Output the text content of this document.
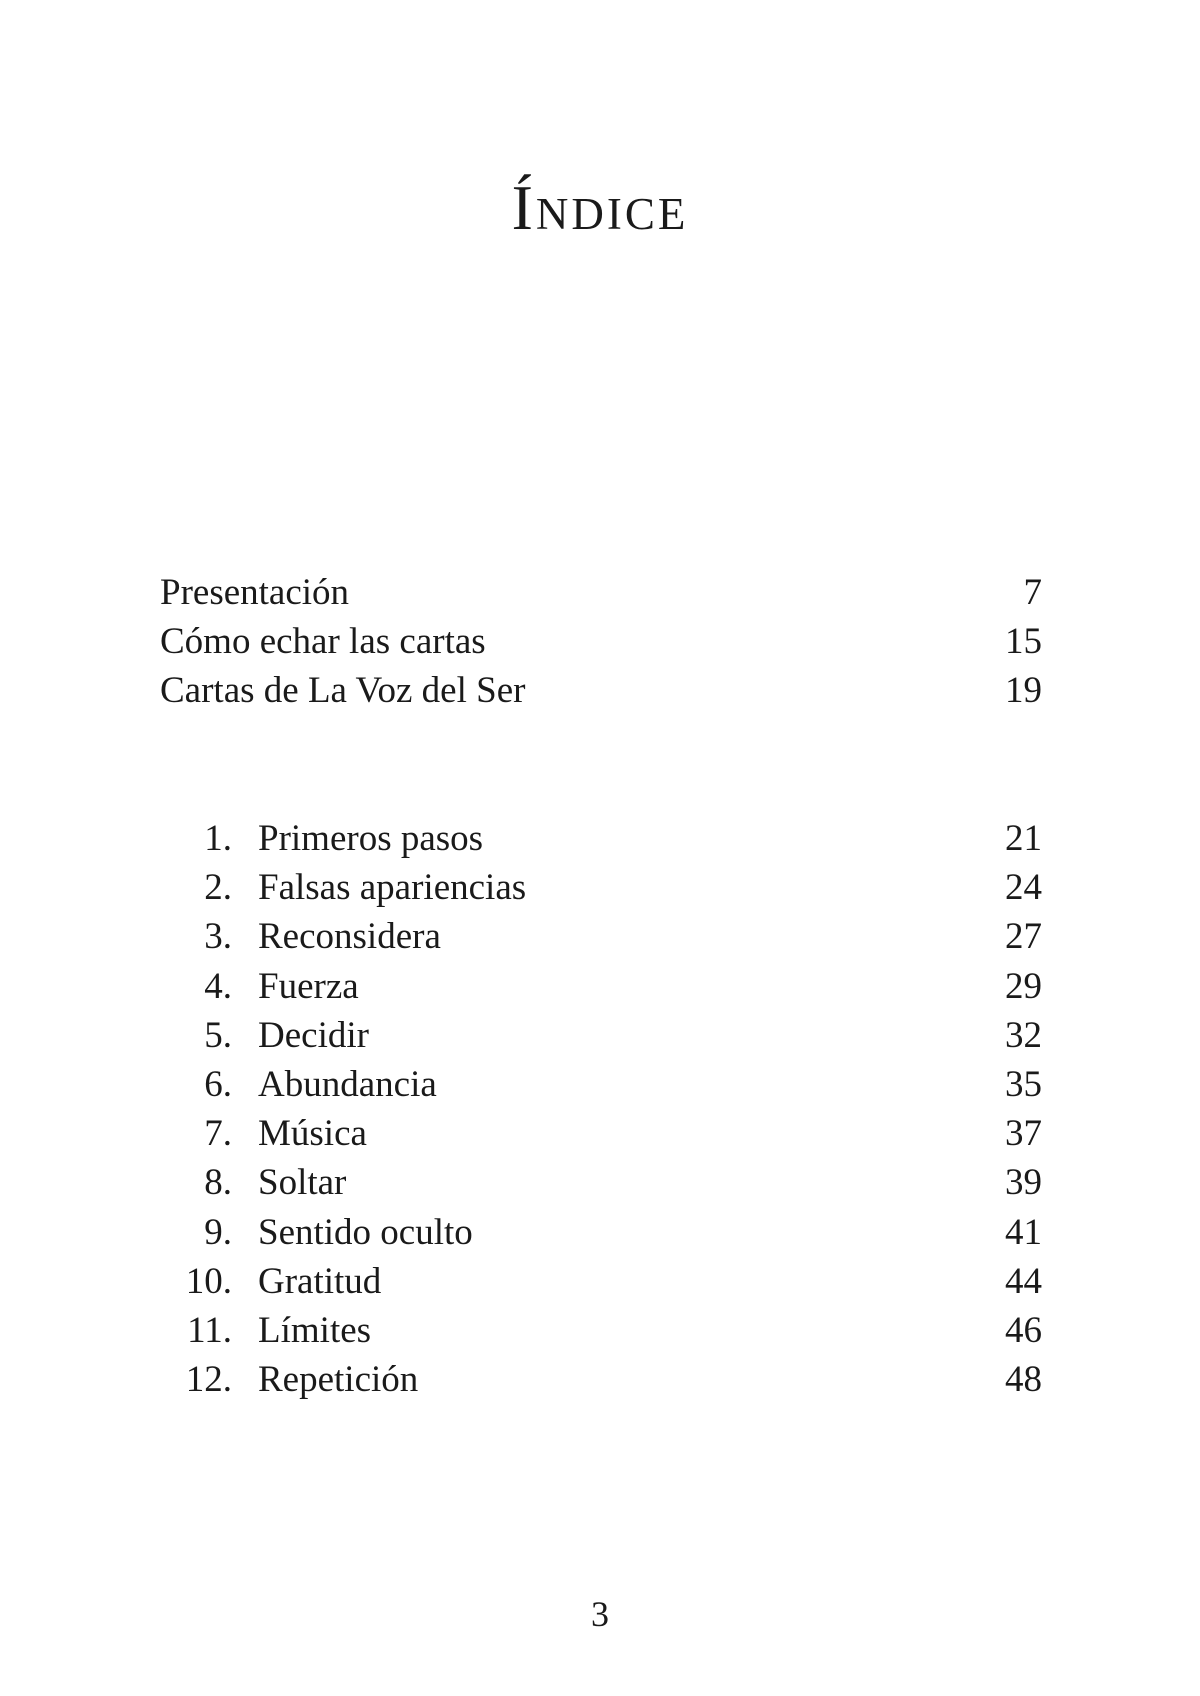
Índice
Presentación	7
Cómo echar las cartas	15
Cartas de La Voz del Ser	19
1. Primeros pasos	21
2. Falsas apariencias	24
3. Reconsidera	27
4. Fuerza	29
5. Decidir	32
6. Abundancia	35
7. Música	37
8. Soltar	39
9. Sentido oculto	41
10. Gratitud	44
11. Límites	46
12. Repetición	48
3
